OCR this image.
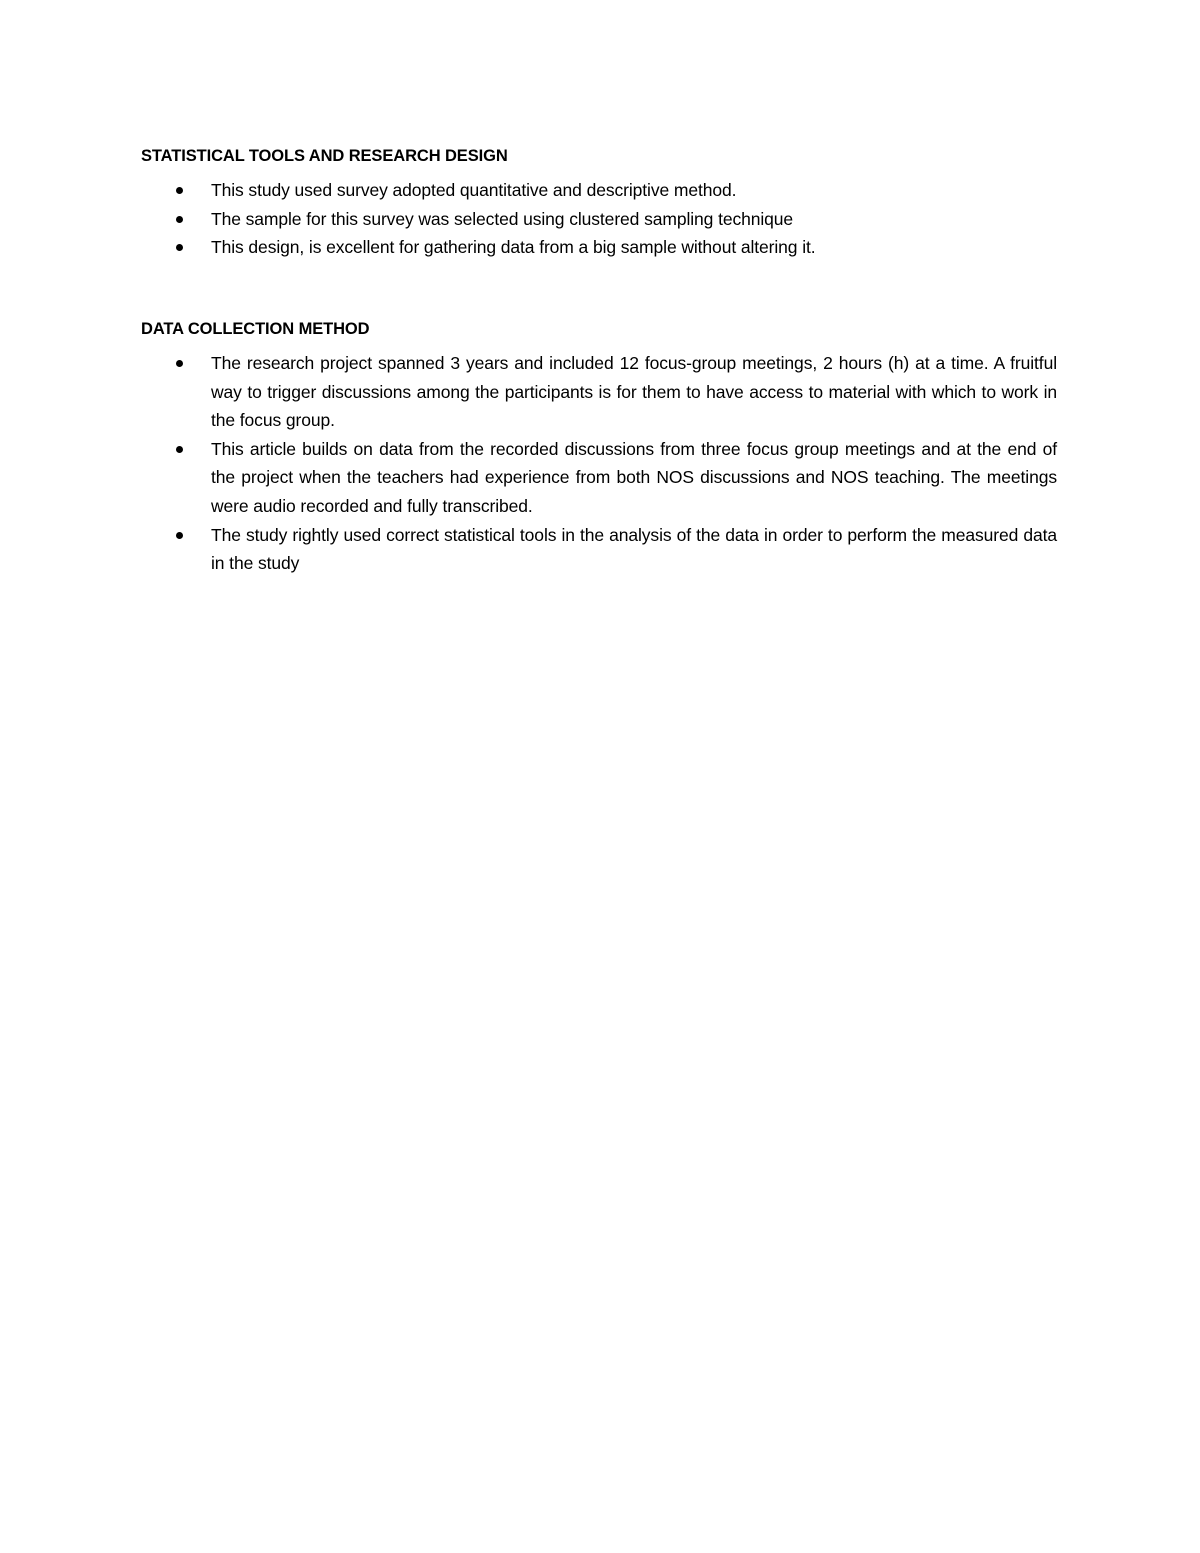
STATISTICAL TOOLS AND RESEARCH DESIGN
This study used survey adopted quantitative and descriptive method.
The sample for this survey was selected using clustered sampling technique
This design, is excellent for gathering data from a big sample without altering it.
DATA COLLECTION METHOD
The research project spanned 3 years and included 12 focus-group meetings, 2 hours (h) at a time. A fruitful way to trigger discussions among the participants is for them to have access to material with which to work in the focus group.
This article builds on data from the recorded discussions from three focus group meetings and at the end of the project when the teachers had experience from both NOS discussions and NOS teaching. The meetings were audio recorded and fully transcribed.
The study rightly used correct statistical tools in the analysis of the data in order to perform the measured data in the study
